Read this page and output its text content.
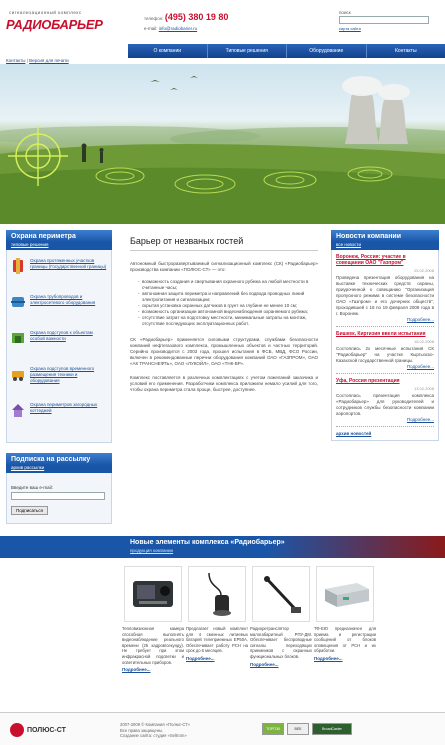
сигнализационный комплекс
РАДИОБАРЬЕР	телефон: (495) 380 19 80
e-mail: info@radiobarier.ru
поиск
карта сайта
О компании	Типовые решения	Оборудование	Контакты
Контакты | Версия для печати
Охрана периметра
типовые решения
Охрана протяженных участков границы (Государственной границы)
Охрана трубопроводов и электросетевого оборудования
Охрана подступов к объектам особой важности
Охрана подступов временного размещения техники и оборудования
Охрана периметров загородных коттеджей
Подписка на рассылку
архив рассылки
Введите ваш e-mail:
Подписаться
Барьер от незваных гостей

Автономный быстроразвертываемый сигнализационный комплекс (СК) «Радиобарьер» производства компании «ПОЛЮС-СТ» — это:

- возможность создания и свертывания охранного рубежа на любой местности в считанные часы;
- автономная защита периметра и направлений без подвода проводных линий электропитания и сигнализации;
- скрытая установка охранных датчиков в грунт на глубине не менее 10 см;
- возможность организации автономной видеонаблюдения охраняемого рубежа;
- отсутствие затрат на подготовку местности, минимальные затраты на монтаж, отсутствие последующих эксплуатационных работ.

СК «Радиобарьер» применяется силовыми структурами, службами безопасности компаний нефтегазового комплекса, промышленных объектов и частных территорий. Серийно производится с 2003 года, прошел испытания в ФСБ, МВД, ФСО России, включен в рекомендованные перечни оборудования компаний ОАО «ГАЗПРОМ», ОАО «АК ТРАНСНЕФТЬ», ОАО «ЛУКОЙЛ», ОАО «ТНК-ВР».

Комплекс поставляется в различных комплектациях с учетом пожеланий заказчика и условий его применения. Разработчики комплекса приложили немало усилий для того, чтобы охрана периметра стала проще, быстрее, доступнее.

Новости компании
все новости
Воронеж, Россия: участие в совещании ОАО "Газпром"
25.02.2008
Проведена презентация оборудования на выставке технических средств охраны, приуроченной к совещанию "Организация пропускного режима в системе безопасности ОАО «Газпром» и его дочерних обществ", проходившей с 18 по 19 февраля 2008 года в г. Воронеж.
Подробнее...
Бишкек, Киргизия ввели испытания
16.02.2008
Состоялись 2х месячные испытания СК "Радиобарьер" на участке Кыргызско-Казахской государственной границы.
Подробнее...
Уфа, Россия презентация
13.02.2008
Состоялась презентация комплекса «Радиобарьер» для руководителей и сотрудников службы безопасности компании аэропортов.
Подробнее...
архив новостей
Новые элементы комплекса «Радиобарьер»
продукция компании

Тепловизионная камера способная выполнять видеонаблюдение реального времени (25 кадров/секунду). Не требует при этом инфракрасной подсветки и осветительных приборов.

Подробнее...

Предлагает новый комплект для 4 сменных литиевых батарей телеприемных ЕР50А. Обеспечивает работу РСН на срок до 6 месяцев.

Подробнее...

Радиоретранслятор малогабаритный РПУ-ДМ. Обеспечивает беспроводные сигналы переходящих приемников с охранных функциональных блоков.

Подробнее...

ТФ-ЕЮ предназначен для приема и регистрации сообщений от блоков оповещения от РСН и их обработки.

Подробнее...
ПОЛЮС-СТ
2007-2009 © Компания «Полюс-СТ»
Все права защищены.
Создание сайта: студия «Seltrom»
ТОРГОВ	ВЕБ	BroadCaster
